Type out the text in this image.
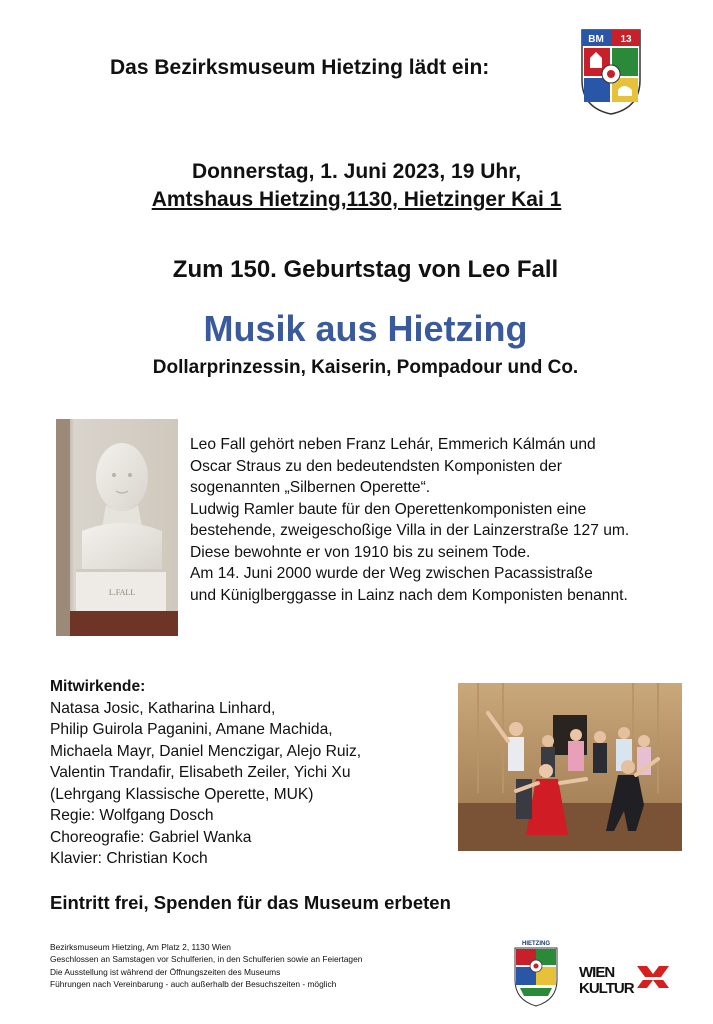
Das Bezirksmuseum Hietzing lädt ein:
BM 13
Donnerstag, 1. Juni 2023, 19 Uhr,
Amtshaus Hietzing,1130, Hietzinger Kai 1
Zum 150. Geburtstag von Leo Fall
Musik aus Hietzing
Dollarprinzessin, Kaiserin, Pompadour und Co.
L.FALL

Leo Fall gehört neben Franz Lehár, Emmerich Kálmán und

Oscar Straus zu den bedeutendsten Komponisten der

sogenannten „Silbernen Operette“.

Ludwig Ramler baute für den Operettenkomponisten eine

bestehende, zweigeschoßige Villa in der Lainzerstraße 127 um.

Diese bewohnte er von 1910 bis zu seinem Tode.

Am 14. Juni 2000 wurde der Weg zwischen Pacassistraße

und Küniglberggasse in Lainz nach dem Komponisten benannt.

Mitwirkende:

Natasa Josic, Katharina Linhard,

Philip Guirola Paganini, Amane Machida,

Michaela Mayr, Daniel Menczigar, Alejo Ruiz,

Valentin Trandafir, Elisabeth Zeiler, Yichi Xu

(Lehrgang Klassische Operette, MUK)

Regie: Wolfgang Dosch

Choreografie: Gabriel Wanka

Klavier: Christian Koch

Eintritt frei, Spenden für das Museum erbeten

Bezirksmuseum Hietzing, Am Platz 2, 1130 Wien

Geschlossen an Samstagen vor Schulferien, in den Schulferien sowie an Feiertagen

Die Ausstellung ist während der Öffnungszeiten des Museums

Führungen nach Vereinbarung - auch außerhalb der Besuchszeiten - möglich

HIETZING
WIEN
KULTUR
